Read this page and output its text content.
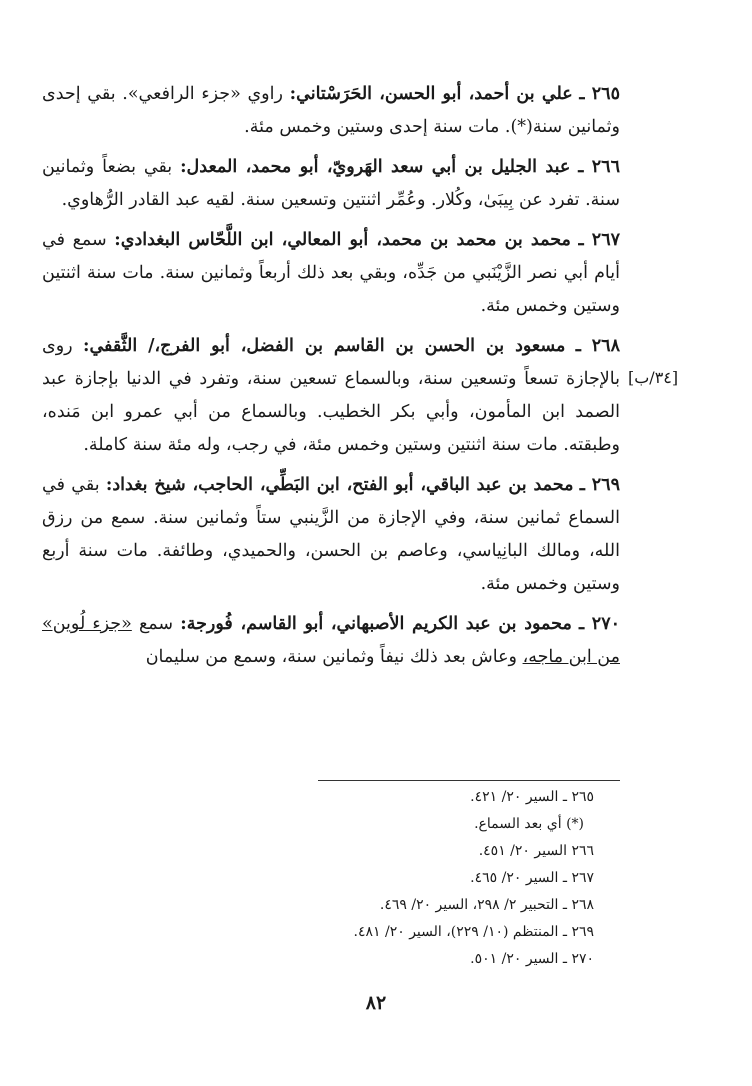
[٣٤/ب]

٢٦٥ ـ علي بن أحمد، أبو الحسن، الحَرَسْتاني: راوي «جزء الرافعي». بقي إحدى وثمانين سنة(*). مات سنة إحدى وستين وخمس مئة.

٢٦٦ ـ عبد الجليل بن أبي سعد الهَرويّ، أبو محمد، المعدل: بقي بضعاً وثمانين سنة. تفرد عن بِيبَىٰ، وكُلار. وعُمِّر اثنتين وتسعين سنة. لقيه عبد القادر الرُّهاوي.

٢٦٧ ـ محمد بن محمد بن محمد، أبو المعالي، ابن اللَّحّاس البغدادي: سمع في أيام أبي نصر الزَّيْنَبي من جَدِّه، وبقي بعد ذلك أربعاً وثمانين سنة. مات سنة اثنتين وستين وخمس مئة.

٢٦٨ ـ مسعود بن الحسن بن القاسم بن الفضل، أبو الفرج،/ الثَّقفي: روى بالإجازة تسعاً وتسعين سنة، وبالسماع تسعين سنة، وتفرد في الدنيا بإجازة عبد الصمد ابن المأمون، وأبي بكر الخطيب. وبالسماع من أبي عمرو ابن مَنده، وطبقته. مات سنة اثنتين وستين وخمس مئة، في رجب، وله مئة سنة كاملة.

٢٦٩ ـ محمد بن عبد الباقي، أبو الفتح، ابن البَطِّي، الحاجب، شيخ بغداد: بقي في السماع ثمانين سنة، وفي الإجازة من الزَّينبي ستاً وثمانين سنة. سمع من رزق الله، ومالك البانِياسي، وعاصم بن الحسن، والحميدي، وطائفة. مات سنة أربع وستين وخمس مئة.

٢٧٠ ـ محمود بن عبد الكريم الأصبهاني، أبو القاسم، فُورجة: سمع «جزء لُوين» من ابن ماجه، وعاش بعد ذلك نيفاً وثمانين سنة، وسمع من سليمان

٢٦٥ ـ السير ٢٠/ ٤٢١.
(*) أي بعد السماع.
٢٦٦ السير ٢٠/ ٤٥١.
٢٦٧ ـ السير ٢٠/ ٤٦٥.
٢٦٨ ـ التحبير ٢/ ٢٩٨، السير ٢٠/ ٤٦٩.
٢٦٩ ـ المنتظم (١٠/ ٢٢٩)، السير ٢٠/ ٤٨١.
٢٧٠ ـ السير ٢٠/ ٥٠١.
٨٢
